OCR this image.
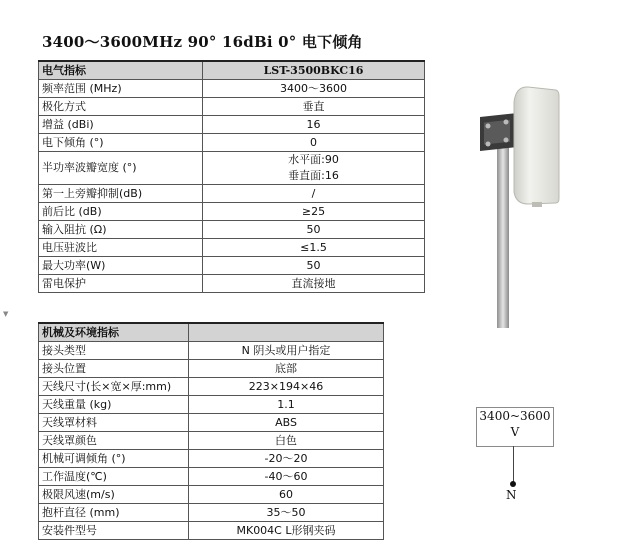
3400～3600MHz 90° 16dBi 0° 电下倾角
电气指标	LST-3500BKC16
频率范围 (MHz)	3400～3600
极化方式	垂直
增益 (dBi)	16
电下倾角 (°)	0
半功率波瓣宽度 (°)	水平面:90
垂直面:16

第一上旁瓣抑制(dB)	/
前后比 (dB)	≥25
输入阻抗 (Ω)	50
电压驻波比	≤1.5
最大功率(W)	50
雷电保护	直流接地
▼
机械及环境指标	
接头类型	N 阴头或用户指定
接头位置	底部
天线尺寸(长×宽×厚:mm)	223×194×46
天线重量 (kg)	1.1
天线罩材料	ABS
天线罩颜色	白色
机械可调倾角 (°)	-20～20
工作温度(℃)	-40～60
极限风速(m/s)	60
抱杆直径 (mm)	35～50
安装件型号	MK004C L形钢夹码
3400~3600
V
N
